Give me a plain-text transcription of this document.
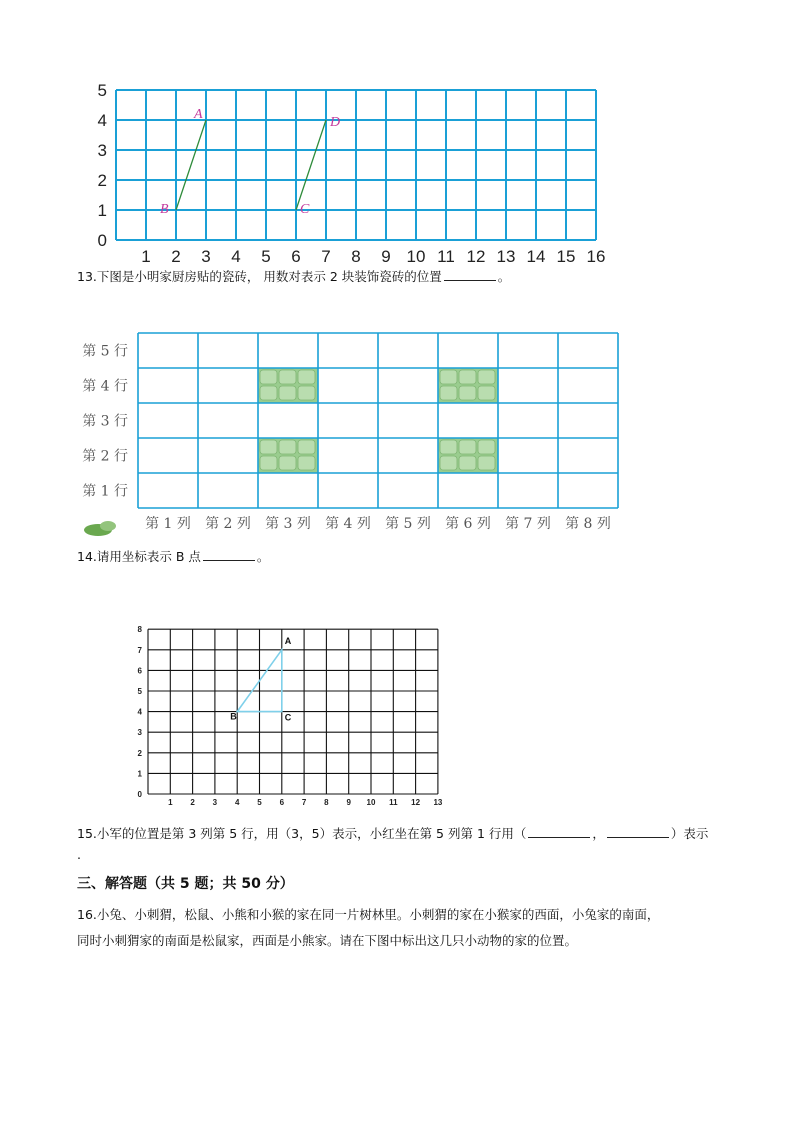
0
1
2
3
4
5
1 2 3 4 5 6 7 8 9 10 11 12 13 14 15 16
A
B	C
D
13.下图是小明家厨房贴的瓷砖， 用数对表示 2 块装饰瓷砖的位置	。
第 5 行
第 4 行
第 3 行
第 2 行
第 1 行
第 1 列 第 2 列 第 3 列 第 4 列 第 5 列 第 6 列 第 7 列 第 8 列
14.请用坐标表示 B 点	。
0
1
2
3
4
5
6
7
8
1 2 3 4 5 6 7 8 9 10 11 12 13
A
B	C
15.小军的位置是第 3 列第 5 行，用（3，5）表示，小红坐在第 5 列第 1 行用（	，	）表示
.
三、解答题（共 5 题；共 50 分）
16.小兔、小刺猬，松鼠、小熊和小猴的家在同一片树林里。小刺猬的家在小猴家的西面，小兔家的南面，
同时小刺猬家的南面是松鼠家，西面是小熊家。请在下图中标出这几只小动物的家的位置。
